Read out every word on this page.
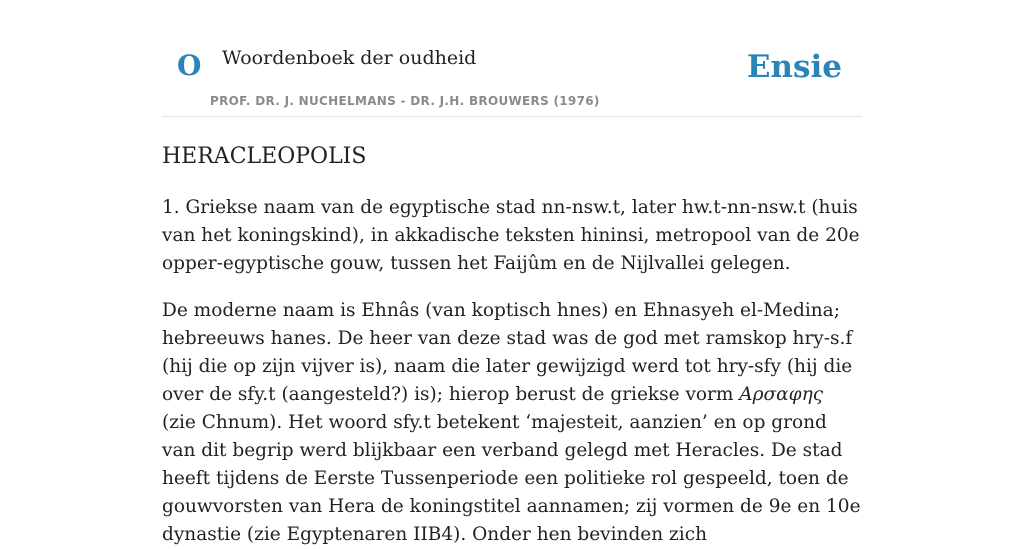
O Woordenboek der oudheid	Ensie
PROF. DR. J. NUCHELMANS - DR. J.H. BROUWERS (1976)
HERACLEOPOLIS

1. Griekse naam van de egyptische stad nn-nsw.t, later hw.t-nn-nsw.t (huis van het koningskind), in akkadische teksten hininsi, metropool van de 20e opper-egyptische gouw, tussen het Faijûm en de Nijlvallei gelegen.

De moderne naam is Ehnâs (van koptisch hnes) en Ehnasyeh el-Medina; hebreeuws hanes. De heer van deze stad was de god met ramskop hry-s.f (hij die op zijn vijver is), naam die later gewijzigd werd tot hry-sfy (hij die over de sfy.t (aangesteld?) is); hierop berust de griekse vorm Αρσαφης (zie Chnum). Het woord sfy.t betekent ‘majesteit, aanzien’ en op grond van dit begrip werd blijkbaar een verband gelegd met Heracles. De stad heeft tijdens de Eerste Tussenperiode een politieke rol gespeeld, toen de gouwvorsten van Hera de koningstitel aannamen; zij vormen de 9e en 10e dynastie (zie Egyptenaren IIB4). Onder hen bevinden zich
